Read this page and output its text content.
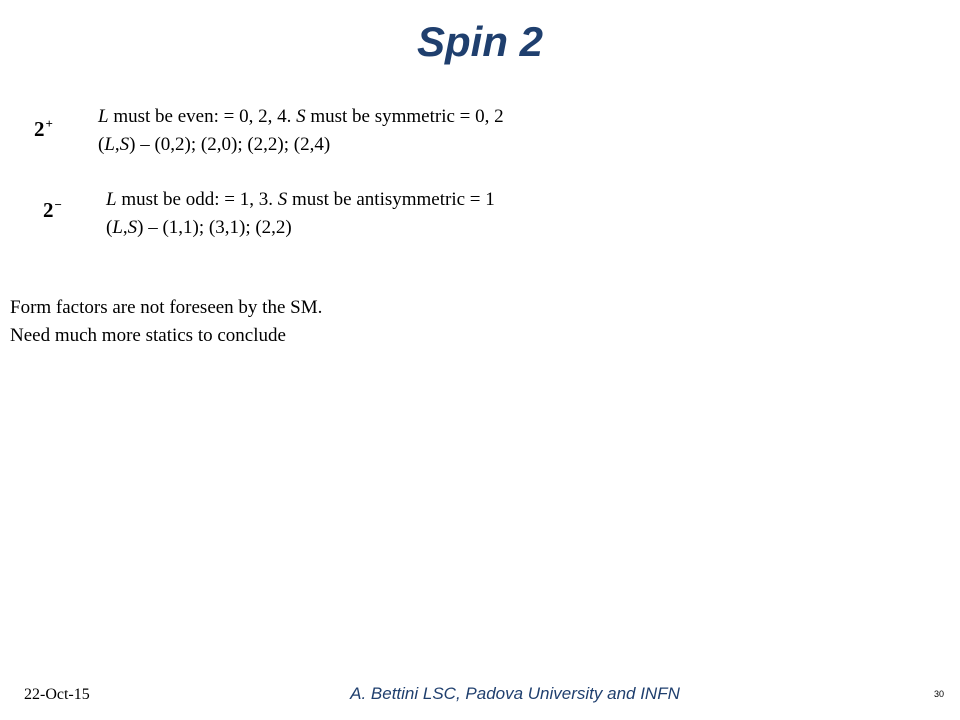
Spin 2
2+ L must be even: = 0, 2, 4. S must be symmetric = 0, 2
(L,S) – (0,2); (2,0); (2,2); (2,4)
2− L must be odd: = 1, 3. S must be antisymmetric = 1
(L,S) – (1,1); (3,1); (2,2)
Form factors are not foreseen by the SM.
Need much more statics to conclude
22-Oct-15	A. Bettini LSC, Padova University and INFN	30
